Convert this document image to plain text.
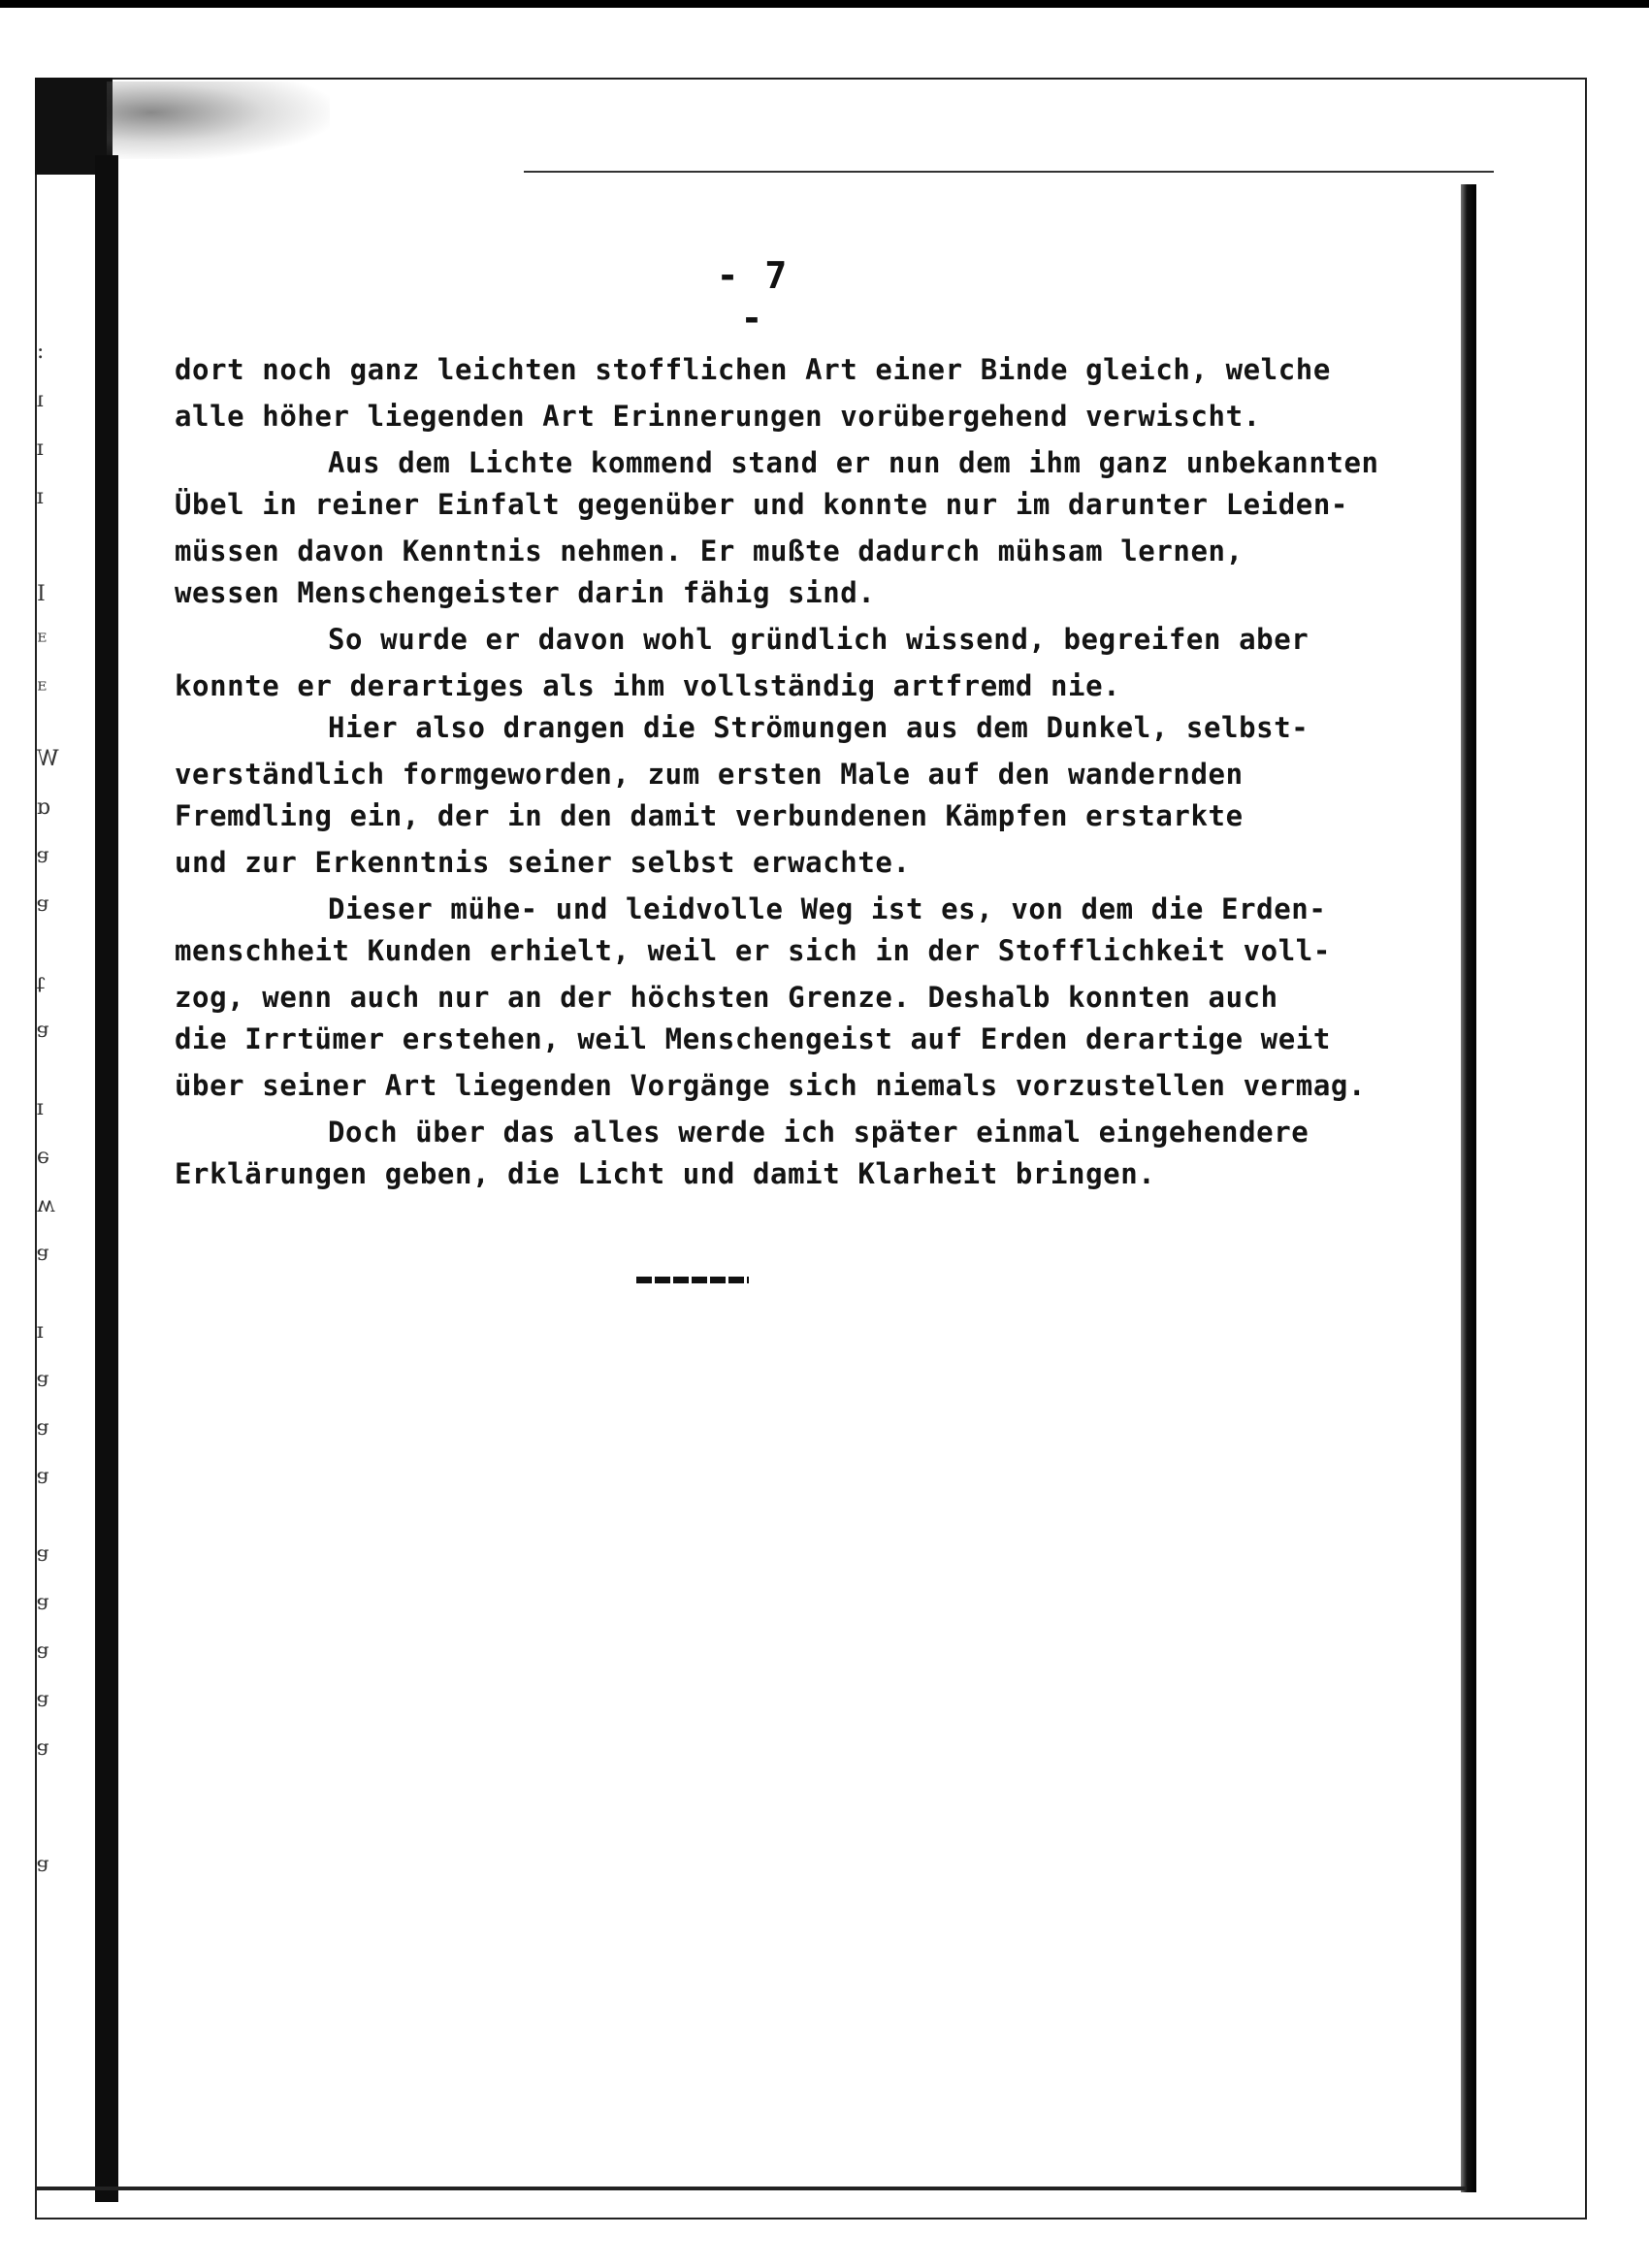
:
ı
ɪ
ɪ
I
ᴲ
ᴲ
W
ɑ
ɐ
ɐ
ʇ
ɐ
ɪ
ǝ
ʍ
ɐ
ɪ
ɐ
ɐ
ɐ
ɐ
ɐ
ɐ
ɐ
ɐ
ɐ
- 7 -
dort noch ganz leichten stofflichen Art einer Binde gleich, welche
alle höher liegenden Art Erinnerungen vorübergehend verwischt.
Aus dem Lichte kommend stand er nun dem ihm ganz unbekannten
Übel in reiner Einfalt gegenüber und konnte nur im darunter Leiden-
müssen davon Kenntnis nehmen. Er mußte dadurch mühsam lernen,
wessen Menschengeister darin fähig sind.
So wurde er davon wohl gründlich wissend, begreifen aber
konnte er derartiges als ihm vollständig artfremd nie.
Hier also drangen die Strömungen aus dem Dunkel, selbst-
verständlich formgeworden, zum ersten Male auf den wandernden
Fremdling ein, der in den damit verbundenen Kämpfen erstarkte
und zur Erkenntnis seiner selbst erwachte.
Dieser mühe- und leidvolle Weg ist es, von dem die Erden-
menschheit Kunden erhielt, weil er sich in der Stofflichkeit voll-
zog, wenn auch nur an der höchsten Grenze. Deshalb konnten auch
die Irrtümer erstehen, weil Menschengeist auf Erden derartige weit
über seiner Art liegenden Vorgänge sich niemals vorzustellen vermag.
Doch über das alles werde ich später einmal eingehendere
Erklärungen geben, die Licht und damit Klarheit bringen.
